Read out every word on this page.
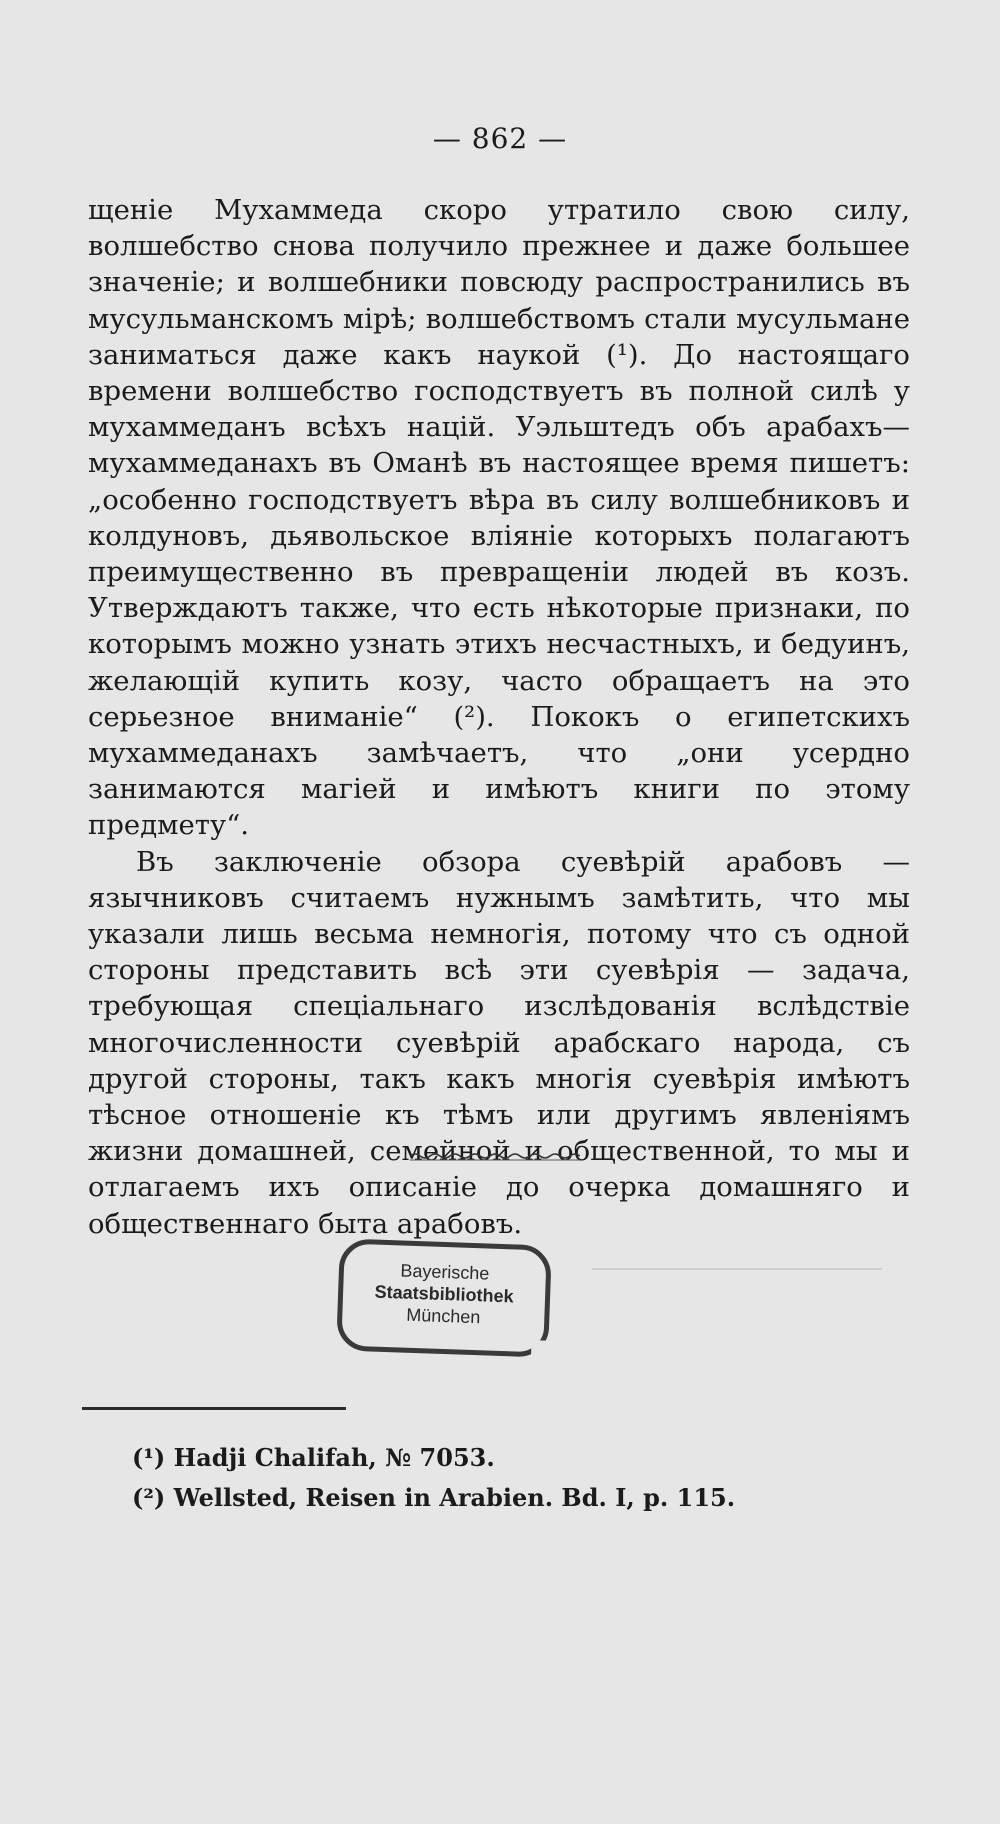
— 862 —

щеніе Мухаммеда скоро утратило свою силу, волшебство снова получило прежнее и даже большее значеніе; и волшебники повсюду распространились въ мусульманскомъ мірѣ; волшебствомъ стали мусульмане заниматься даже какъ наукой (¹). До настоящаго времени волшебство господствуетъ въ полной силѣ у мухаммеданъ всѣхъ націй. Уэльштедъ объ арабахъ—мухаммеданахъ въ Оманѣ въ настоящее время пишетъ: „особенно господствуетъ вѣра въ силу волшебниковъ и колдуновъ, дьявольское вліяніе которыхъ полагаютъ преимущественно въ превращеніи людей въ козъ. Утверждаютъ также, что есть нѣкоторые признаки, по которымъ можно узнать этихъ несчастныхъ, и бедуинъ, желающій купить козу, часто обращаетъ на это серьезное вниманіе“ (²). Пококъ о египетскихъ мухаммеданахъ замѣчаетъ, что „они усердно занимаются магіей и имѣютъ книги по этому предмету“.

Въ заключеніе обзора суевѣрій арабовъ — язычниковъ считаемъ нужнымъ замѣтить, что мы указали лишь весьма немногія, потому что съ одной стороны представить всѣ эти суевѣрія — задача, требующая спеціальнаго изслѣдованія вслѣдствіе многочисленности суевѣрій арабскаго народа, съ другой стороны, такъ какъ многія суевѣрія имѣютъ тѣсное отношеніе къ тѣмъ или другимъ явленіямъ жизни домашней, семейной и общественной, то мы и отлагаемъ ихъ описаніе до очерка домашняго и общественнаго быта арабовъ.

Bayerische
Staatsbibliothek
München
(¹) Hadji Chalifah, № 7053.
(²) Wellsted, Reisen in Arabien. Bd. I, p. 115.
